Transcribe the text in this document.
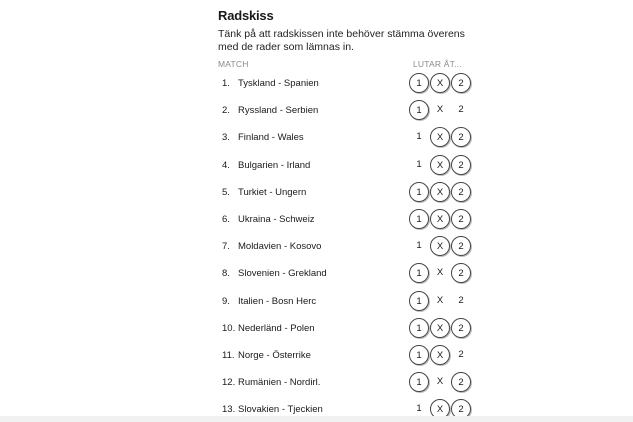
Radskiss
Tänk på att radskissen inte behöver stämma överens med de rader som lämnas in.
MATCH	LUTAR ÅT...
1. Tyskland - Spanien	1	X	2
2. Ryssland - Serbien	1	X	2
3. Finland - Wales	1	X	2
4. Bulgarien - Irland	1	X	2
5. Turkiet - Ungern	1	X	2
6. Ukraina - Schweiz	1	X	2
7. Moldavien - Kosovo	1	X	2
8. Slovenien - Grekland	1	X	2
9. Italien - Bosn Herc	1	X	2
10. Nederländ - Polen	1	X	2
11. Norge - Österrike	1	X	2
12. Rumänien - Nordirl.	1	X	2
13. Slovakien - Tjeckien	1	X	2
